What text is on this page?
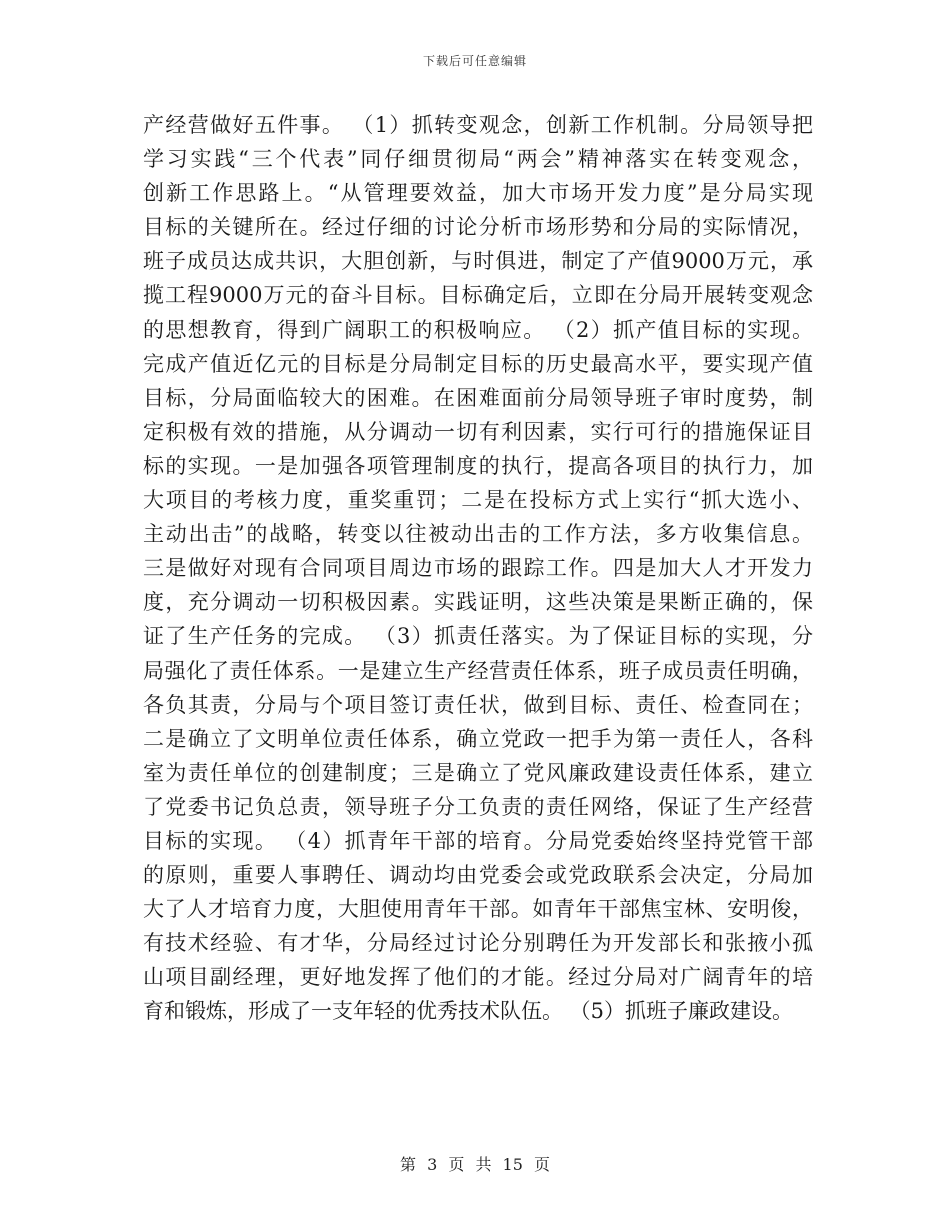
下载后可任意编辑
产经营做好五件事。 （1）抓转变观念，创新工作机制。分局领导把
学习实践“三个代表”同仔细贯彻局“两会”精神落实在转变观念，
创新工作思路上。“从管理要效益，加大市场开发力度”是分局实现
目标的关键所在。经过仔细的讨论分析市场形势和分局的实际情况，
班子成员达成共识，大胆创新，与时俱进，制定了产值9000万元，承
揽工程9000万元的奋斗目标。目标确定后，立即在分局开展转变观念
的思想教育，得到广阔职工的积极响应。 （2）抓产值目标的实现。
完成产值近亿元的目标是分局制定目标的历史最高水平，要实现产值
目标，分局面临较大的困难。在困难面前分局领导班子审时度势，制
定积极有效的措施，从分调动一切有利因素，实行可行的措施保证目
标的实现。一是加强各项管理制度的执行，提高各项目的执行力，加
大项目的考核力度，重奖重罚；二是在投标方式上实行“抓大选小、
主动出击”的战略，转变以往被动出击的工作方法，多方收集信息。
三是做好对现有合同项目周边市场的跟踪工作。四是加大人才开发力
度，充分调动一切积极因素。实践证明，这些决策是果断正确的，保
证了生产任务的完成。 （3）抓责任落实。为了保证目标的实现，分
局强化了责任体系。一是建立生产经营责任体系，班子成员责任明确，
各负其责，分局与个项目签订责任状，做到目标、责任、检查同在；
二是确立了文明单位责任体系，确立党政一把手为第一责任人，各科
室为责任单位的创建制度；三是确立了党风廉政建设责任体系，建立
了党委书记负总责，领导班子分工负责的责任网络，保证了生产经营
目标的实现。 （4）抓青年干部的培育。分局党委始终坚持党管干部
的原则，重要人事聘任、调动均由党委会或党政联系会决定，分局加
大了人才培育力度，大胆使用青年干部。如青年干部焦宝林、安明俊，
有技术经验、有才华，分局经过讨论分别聘任为开发部长和张掖小孤
山项目副经理，更好地发挥了他们的才能。经过分局对广阔青年的培
育和锻炼，形成了一支年轻的优秀技术队伍。 （5）抓班子廉政建设。
第 3 页 共 15 页
